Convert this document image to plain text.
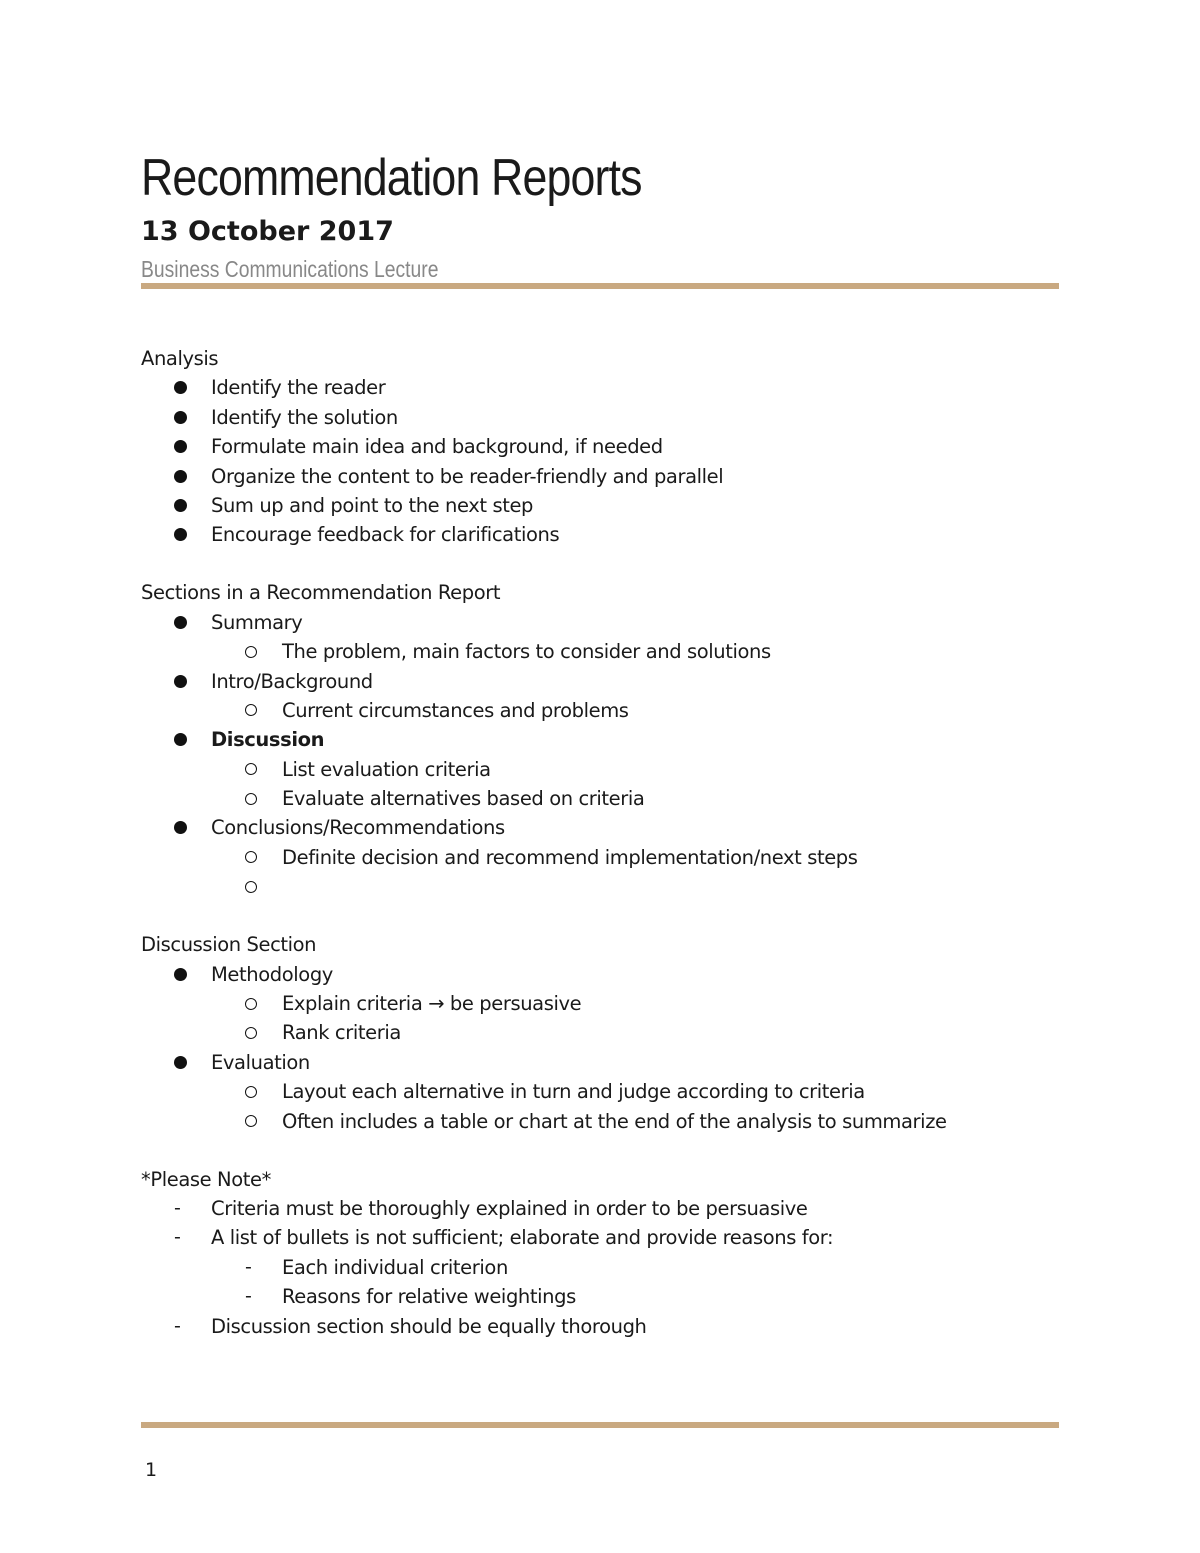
Recommendation Reports
13 October 2017
Business Communications Lecture
Analysis
Identify the reader
Identify the solution
Formulate main idea and background, if needed
Organize the content to be reader-friendly and parallel
Sum up and point to the next step
Encourage feedback for clarifications
Sections in a Recommendation Report
Summary
The problem, main factors to consider and solutions
Intro/Background
Current circumstances and problems
Discussion
List evaluation criteria
Evaluate alternatives based on criteria
Conclusions/Recommendations
Definite decision and recommend implementation/next steps
Discussion Section
Methodology
Explain criteria → be persuasive
Rank criteria
Evaluation
Layout each alternative in turn and judge according to criteria
Often includes a table or chart at the end of the analysis to summarize
*Please Note*
- Criteria must be thoroughly explained in order to be persuasive
- A list of bullets is not sufficient; elaborate and provide reasons for:
- Each individual criterion
- Reasons for relative weightings
- Discussion section should be equally thorough
1
